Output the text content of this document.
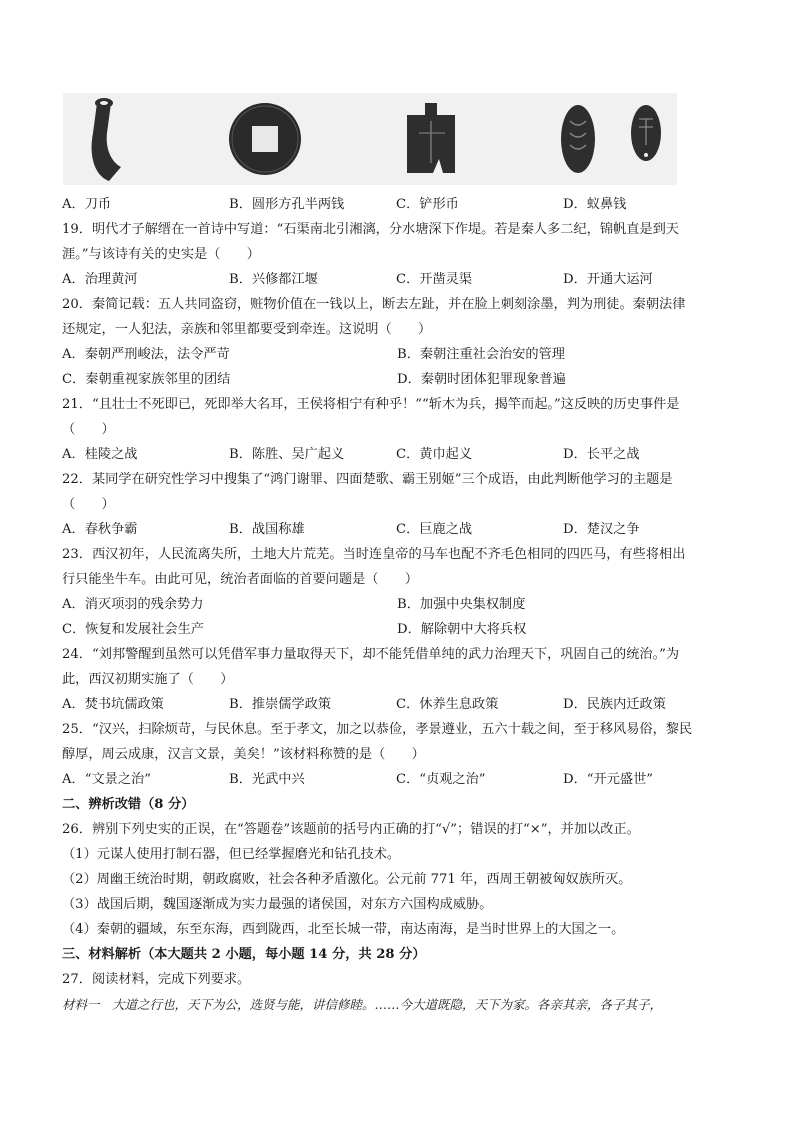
A．刀币	B．圆形方孔半两钱	C．铲形币	D．蚁鼻钱
19．明代才子解缙在一首诗中写道：“石渠南北引湘漓，分水塘深下作堤。若是秦人多二纪，锦帆直是到天
涯。”与该诗有关的史实是（　　）
A．治理黄河	B．兴修都江堰	C．开凿灵渠	D．开通大运河
20．秦简记载：五人共同盗窃，赃物价值在一钱以上，断去左趾，并在脸上刺刻涂墨，判为刑徒。秦朝法律
还规定，一人犯法，亲族和邻里都要受到牵连。这说明（　　）
A．秦朝严刑峻法，法令严苛	B．秦朝注重社会治安的管理
C．秦朝重视家族邻里的团结	D．秦朝时团体犯罪现象普遍
21．“且壮士不死即已，死即举大名耳，王侯将相宁有种乎！”“斩木为兵，揭竿而起。”这反映的历史事件是
（　　）
A．桂陵之战	B．陈胜、吴广起义	C．黄巾起义	D．长平之战
22．某同学在研究性学习中搜集了“鸿门谢罪、四面楚歌、霸王别姬”三个成语，由此判断他学习的主题是
（　　）
A．春秋争霸	B．战国称雄	C．巨鹿之战	D．楚汉之争
23．西汉初年，人民流离失所，土地大片荒芜。当时连皇帝的马车也配不齐毛色相同的四匹马，有些将相出
行只能坐牛车。由此可见，统治者面临的首要问题是（　　）
A．消灭项羽的残余势力	B．加强中央集权制度
C．恢复和发展社会生产	D．解除朝中大将兵权
24．“刘邦警醒到虽然可以凭借军事力量取得天下，却不能凭借单纯的武力治理天下，巩固自己的统治。”为
此，西汉初期实施了（　　）
A．焚书坑儒政策	B．推崇儒学政策	C．休养生息政策	D．民族内迁政策
25．“汉兴，扫除烦苛，与民休息。至于孝文，加之以恭俭，孝景遵业，五六十载之间，至于移风易俗，黎民
醇厚，周云成康，汉言文景，美矣！”该材料称赞的是（　　）
A．“文景之治”	B．光武中兴	C．“贞观之治”	D．“开元盛世”
二、辨析改错（8 分）
26．辨别下列史实的正误，在“答题卷”该题前的括号内正确的打“√”；错误的打“×”，并加以改正。
（1）元谋人使用打制石器，但已经掌握磨光和钻孔技术。
（2）周幽王统治时期，朝政腐败，社会各种矛盾激化。公元前 771 年，西周王朝被匈奴族所灭。
（3）战国后期，魏国逐渐成为实力最强的诸侯国，对东方六国构成威胁。
（4）秦朝的疆域，东至东海，西到陇西，北至长城一带，南达南海，是当时世界上的大国之一。
三、材料解析（本大题共 2 小题，每小题 14 分，共 28 分）
27．阅读材料，完成下列要求。
材料一　大道之行也，天下为公，选贤与能，讲信修睦。……今大道既隐，天下为家。各亲其亲，各子其子，
